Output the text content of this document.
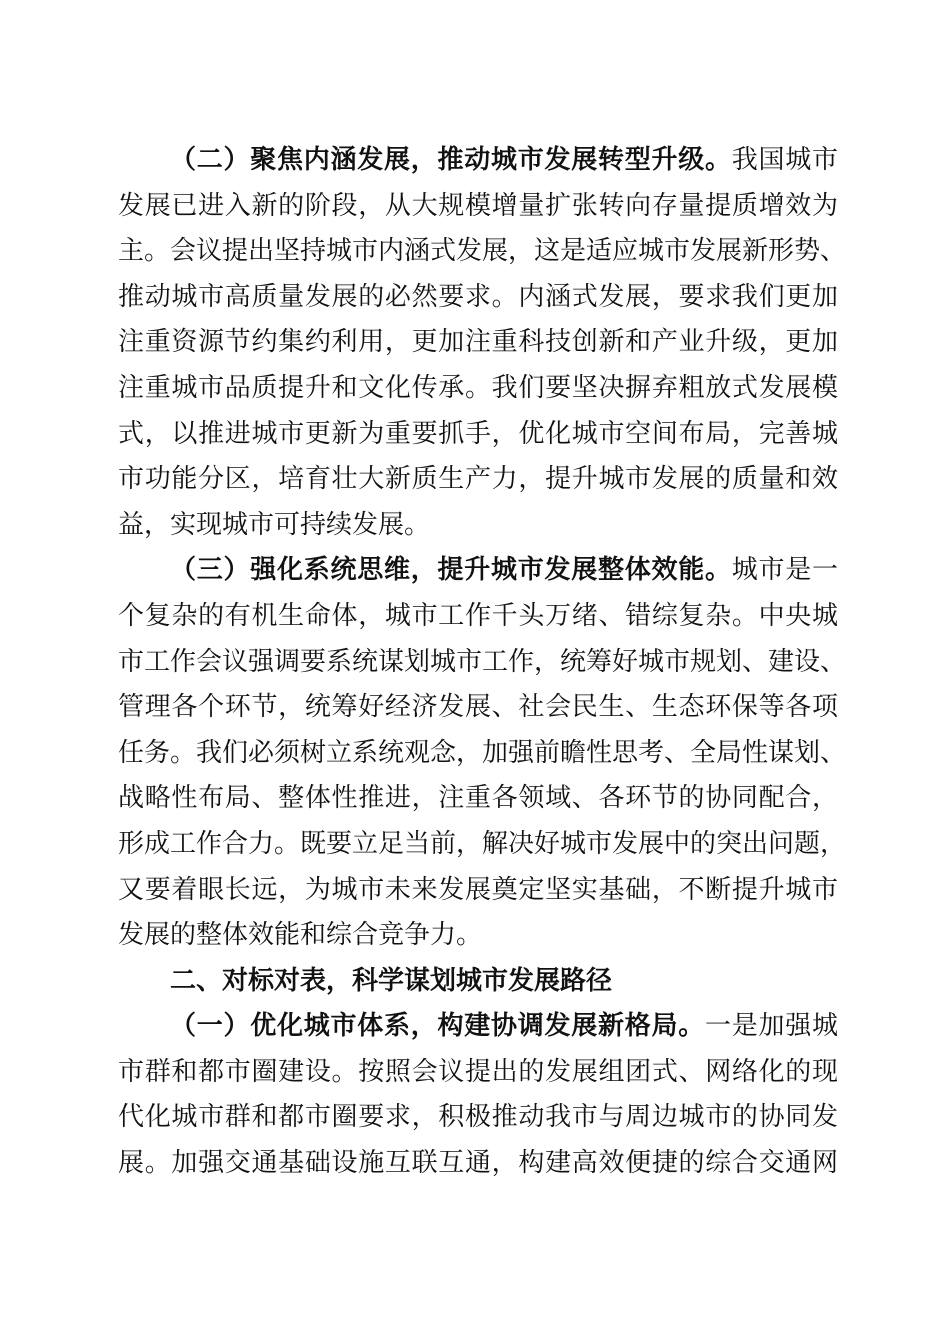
（二）聚焦内涵发展，推动城市发展转型升级。我国城市
发展已进入新的阶段，从大规模增量扩张转向存量提质增效为
主。会议提出坚持城市内涵式发展，这是适应城市发展新形势、
推动城市高质量发展的必然要求。内涵式发展，要求我们更加
注重资源节约集约利用，更加注重科技创新和产业升级，更加
注重城市品质提升和文化传承。我们要坚决摒弃粗放式发展模
式，以推进城市更新为重要抓手，优化城市空间布局，完善城
市功能分区，培育壮大新质生产力，提升城市发展的质量和效
益，实现城市可持续发展。
（三）强化系统思维，提升城市发展整体效能。城市是一
个复杂的有机生命体，城市工作千头万绪、错综复杂。中央城
市工作会议强调要系统谋划城市工作，统筹好城市规划、建设、
管理各个环节，统筹好经济发展、社会民生、生态环保等各项
任务。我们必须树立系统观念，加强前瞻性思考、全局性谋划、
战略性布局、整体性推进，注重各领域、各环节的协同配合，
形成工作合力。既要立足当前，解决好城市发展中的突出问题，
又要着眼长远，为城市未来发展奠定坚实基础，不断提升城市
发展的整体效能和综合竞争力。
二、对标对表，科学谋划城市发展路径
（一）优化城市体系，构建协调发展新格局。一是加强城
市群和都市圈建设。按照会议提出的发展组团式、网络化的现
代化城市群和都市圈要求，积极推动我市与周边城市的协同发
展。加强交通基础设施互联互通，构建高效便捷的综合交通网
